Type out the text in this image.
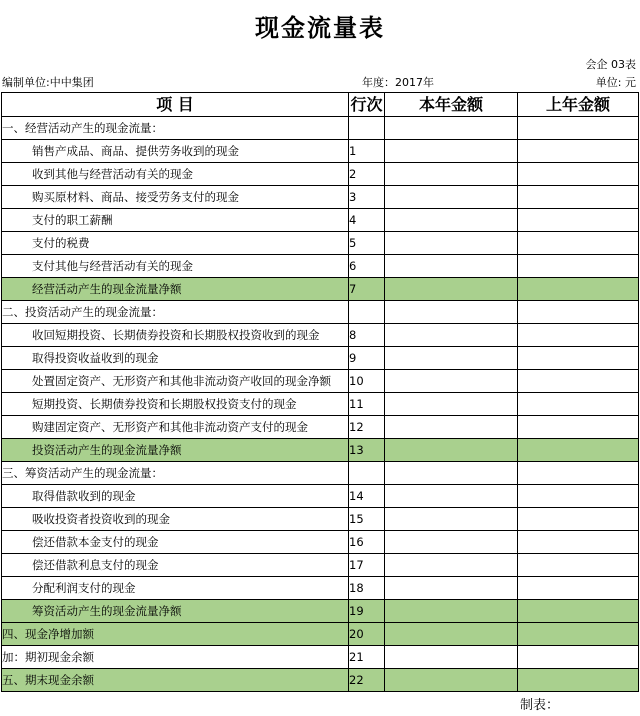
现金流量表
会企 03表
编制单位:中中集团	年度：2017年	单位: 元
项 目	行次	本年金额	上年金额
一、经营活动产生的现金流量：			
销售产成品、商品、提供劳务收到的现金	1		
收到其他与经营活动有关的现金	2		
购买原材料、商品、接受劳务支付的现金	3		
支付的职工薪酬	4		
支付的税费	5		
支付其他与经营活动有关的现金	6		
经营活动产生的现金流量净额	7		
二、投资活动产生的现金流量：			
收回短期投资、长期债券投资和长期股权投资收到的现金	8		
取得投资收益收到的现金	9		
处置固定资产、无形资产和其他非流动资产收回的现金净额	10		
短期投资、长期债券投资和长期股权投资支付的现金	11		
购建固定资产、无形资产和其他非流动资产支付的现金	12		
投资活动产生的现金流量净额	13		
三、筹资活动产生的现金流量：			
取得借款收到的现金	14		
吸收投资者投资收到的现金	15		
偿还借款本金支付的现金	16		
偿还借款利息支付的现金	17		
分配利润支付的现金	18		
筹资活动产生的现金流量净额	19		
四、现金净增加额	20		
加：期初现金余额	21		
五、期末现金余额	22		
制表：
